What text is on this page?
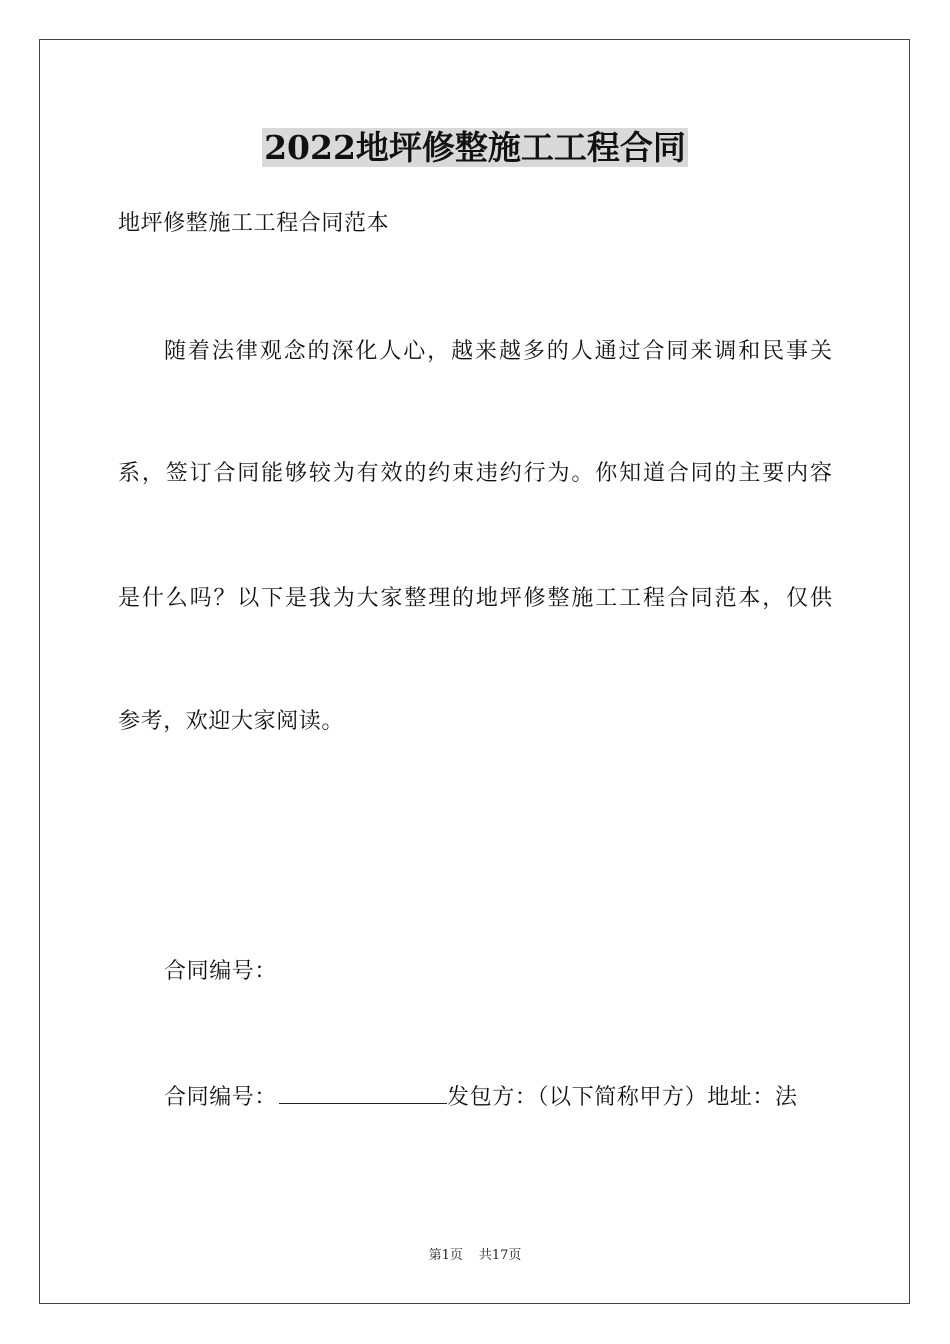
2022地坪修整施工工程合同
地坪修整施工工程合同范本
随着法律观念的深化人心，越来越多的人通过合同来调和民事关
系，签订合同能够较为有效的约束违约行为。你知道合同的主要内容
是什么吗？以下是我为大家整理的地坪修整施工工程合同范本，仅供
参考，欢迎大家阅读。
合同编号：
合同编号：	发包方：（以下简称甲方）地址：法
第1页 共17页
